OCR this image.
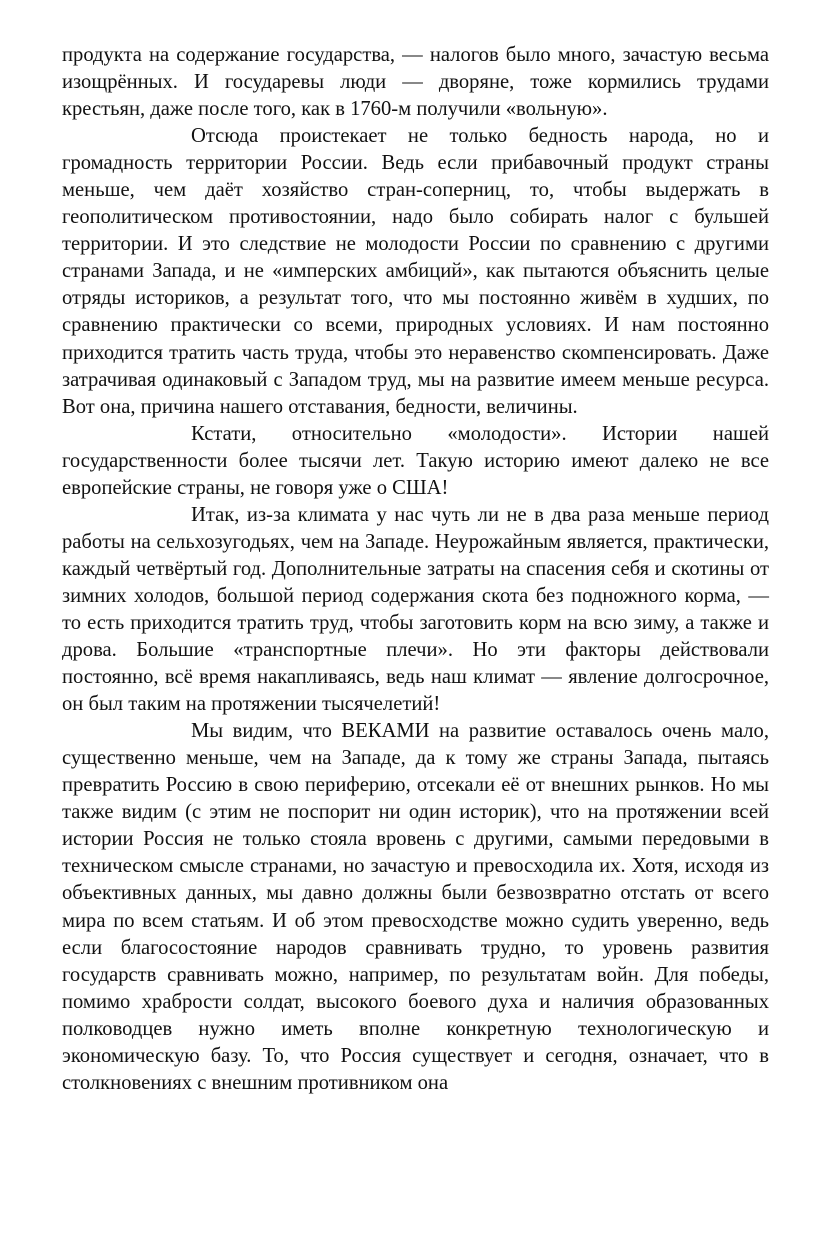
продукта на содержание государства, — налогов было много, зачастую весьма изощрённых. И государевы люди — дворяне, тоже кормились трудами крестьян, даже после того, как в 1760-м получили «вольную».

Отсюда проистекает не только бедность народа, но и громадность территории России. Ведь если прибавочный продукт страны меньше, чем даёт хозяйство стран-соперниц, то, чтобы выдержать в геополитическом противостоянии, надо было собирать налог с бульшей территории. И это следствие не молодости России по сравнению с другими странами Запада, и не «имперских амбиций», как пытаются объяснить целые отряды историков, а результат того, что мы постоянно живём в худших, по сравнению практически со всеми, природных условиях. И нам постоянно приходится тратить часть труда, чтобы это неравенство скомпенсировать. Даже затрачивая одинаковый с Западом труд, мы на развитие имеем меньше ресурса. Вот она, причина нашего отставания, бедности, величины.

Кстати, относительно «молодости». Истории нашей государственности более тысячи лет. Такую историю имеют далеко не все европейские страны, не говоря уже о США!

Итак, из-за климата у нас чуть ли не в два раза меньше период работы на сельхозугодьях, чем на Западе. Неурожайным является, практически, каждый четвёртый год. Дополнительные затраты на спасения себя и скотины от зимних холодов, большой период содержания скота без подножного корма, — то есть приходится тратить труд, чтобы заготовить корм на всю зиму, а также и дрова. Большие «транспортные плечи». Но эти факторы действовали постоянно, всё время накапливаясь, ведь наш климат — явление долгосрочное, он был таким на протяжении тысячелетий!

Мы видим, что ВЕКАМИ на развитие оставалось очень мало, существенно меньше, чем на Западе, да к тому же страны Запада, пытаясь превратить Россию в свою периферию, отсекали её от внешних рынков. Но мы также видим (с этим не поспорит ни один историк), что на протяжении всей истории Россия не только стояла вровень с другими, самыми передовыми в техническом смысле странами, но зачастую и превосходила их. Хотя, исходя из объективных данных, мы давно должны были безвозвратно отстать от всего мира по всем статьям. И об этом превосходстве можно судить уверенно, ведь если благосостояние народов сравнивать трудно, то уровень развития государств сравнивать можно, например, по результатам войн. Для победы, помимо храбрости солдат, высокого боевого духа и наличия образованных полководцев нужно иметь вполне конкретную технологическую и экономическую базу. То, что Россия существует и сегодня, означает, что в столкновениях с внешним противником она
